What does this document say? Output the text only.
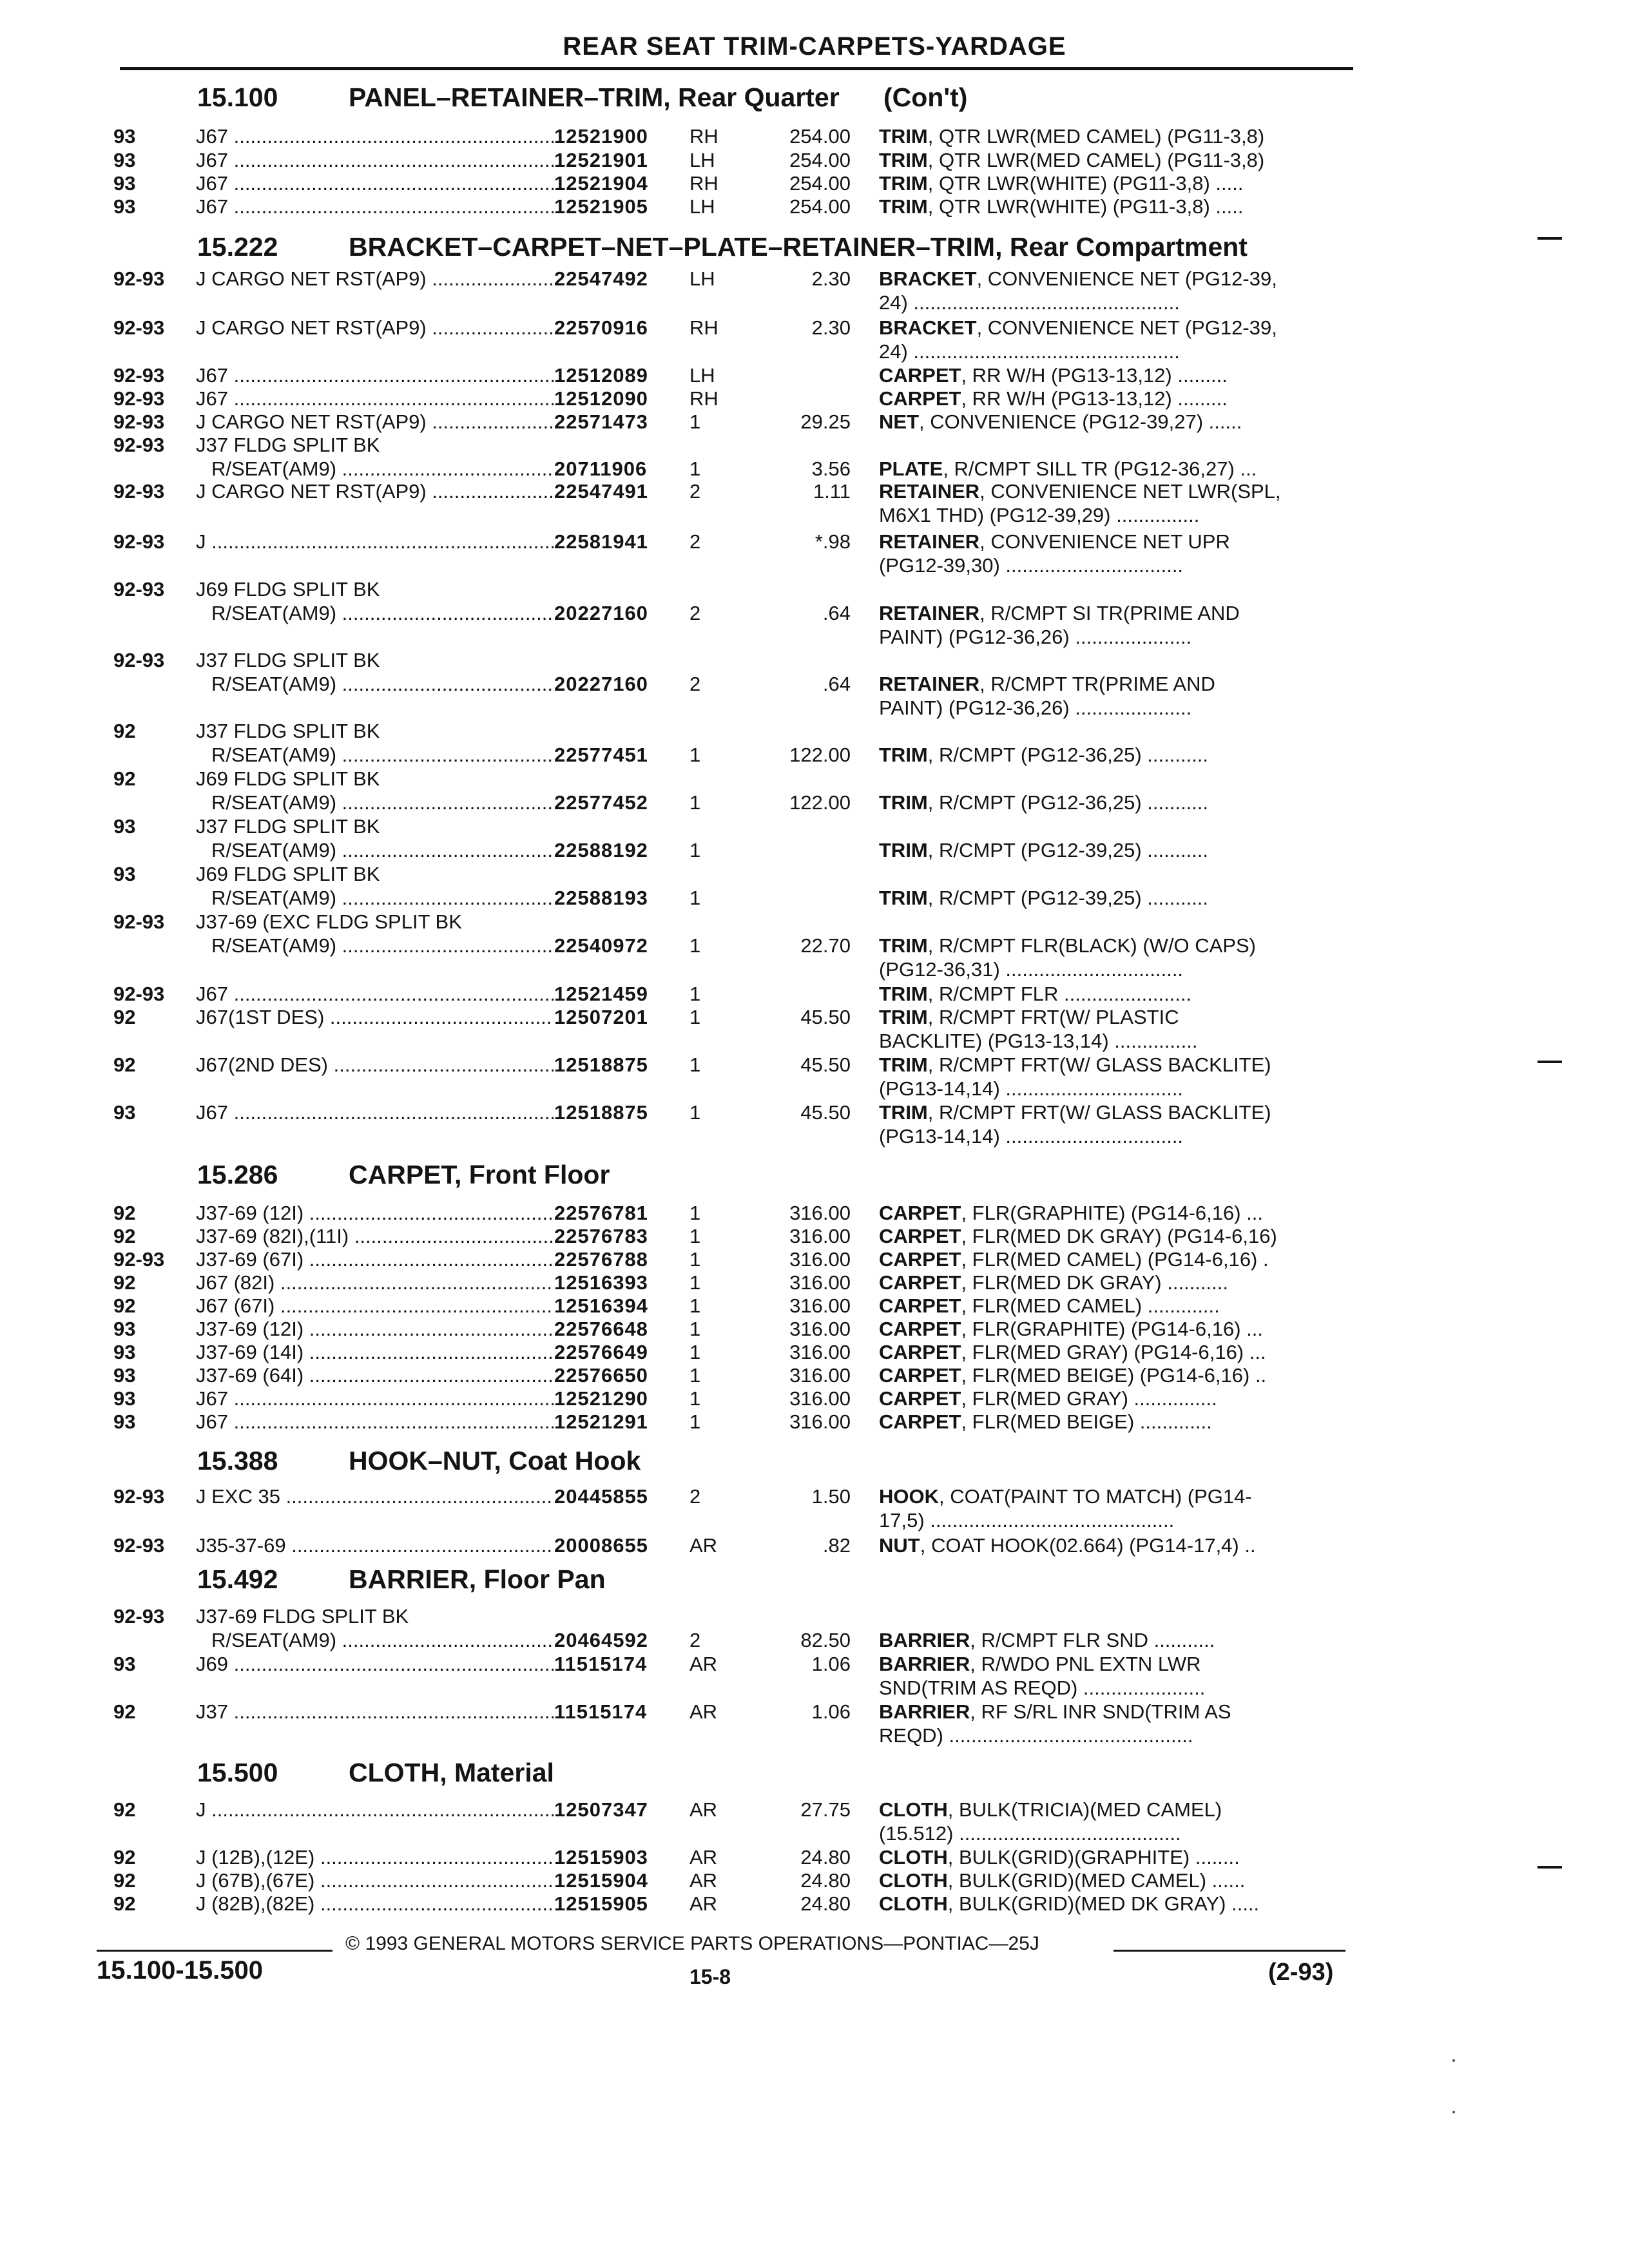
REAR SEAT TRIM-CARPETS-YARDAGE
15.100	PANEL–RETAINER–TRIM, Rear Quarter      (Con't)
93	J67 .....	12521900 RH	254.00 TRIM, QTR LWR(MED CAMEL) (PG11-3,8)
93	J67 .....	12521901 LH	254.00 TRIM, QTR LWR(MED CAMEL) (PG11-3,8)
93	J67 .....	12521904 RH	254.00 TRIM, QTR LWR(WHITE) (PG11-3,8) .....
93	J67 .....	12521905 LH	254.00 TRIM, QTR LWR(WHITE) (PG11-3,8) .....
15.222	BRACKET–CARPET–NET–PLATE–RETAINER–TRIM, Rear Compartment
92-93 J CARGO NET RST(AP9) .....	22547492 LH	2.30 BRACKET, CONVENIENCE NET (PG12-39,
24) ................................................
92-93 J CARGO NET RST(AP9) .....	22570916 RH	2.30 BRACKET, CONVENIENCE NET (PG12-39,
24) ................................................
92-93 J67 .....	12512089 LH	CARPET, RR W/H (PG13-13,12) .........
92-93 J67 .....	12512090 RH	CARPET, RR W/H (PG13-13,12) .........
92-93 J CARGO NET RST(AP9) .....	22571473 1	29.25 NET, CONVENIENCE (PG12-39,27) ......
92-93 J37 FLDG SPLIT BK
R/SEAT(AM9) .....	20711906 1	3.56 PLATE, R/CMPT SILL TR (PG12-36,27) ...
92-93 J CARGO NET RST(AP9) .....	22547491 2	1.11 RETAINER, CONVENIENCE NET LWR(SPL,
M6X1 THD) (PG12-39,29) ...............
92-93 J .....	22581941 2	*.98 RETAINER, CONVENIENCE NET UPR
(PG12-39,30) ................................
92-93 J69 FLDG SPLIT BK
R/SEAT(AM9) .....	20227160 2	.64 RETAINER, R/CMPT SI TR(PRIME AND
PAINT) (PG12-36,26) .....................
92-93 J37 FLDG SPLIT BK
R/SEAT(AM9) .....	20227160 2	.64 RETAINER, R/CMPT TR(PRIME AND
PAINT) (PG12-36,26) .....................
92	J37 FLDG SPLIT BK
R/SEAT(AM9) .....	22577451 1	122.00 TRIM, R/CMPT (PG12-36,25) ...........
92	J69 FLDG SPLIT BK
R/SEAT(AM9) .....	22577452 1	122.00 TRIM, R/CMPT (PG12-36,25) ...........
93	J37 FLDG SPLIT BK
R/SEAT(AM9) .....	22588192 1	TRIM, R/CMPT (PG12-39,25) ...........
93	J69 FLDG SPLIT BK
R/SEAT(AM9) .....	22588193 1	TRIM, R/CMPT (PG12-39,25) ...........
92-93 J37-69 (EXC FLDG SPLIT BK
R/SEAT(AM9) .....	22540972 1	22.70 TRIM, R/CMPT FLR(BLACK) (W/O CAPS)
(PG12-36,31) ................................
92-93 J67 .....	12521459 1	TRIM, R/CMPT FLR .......................
92	J67(1ST DES) .....	12507201 1	45.50 TRIM, R/CMPT FRT(W/ PLASTIC
BACKLITE) (PG13-13,14) ...............
92	J67(2ND DES) .....	12518875 1	45.50 TRIM, R/CMPT FRT(W/ GLASS BACKLITE)
(PG13-14,14) ................................
93	J67 .....	12518875 1	45.50 TRIM, R/CMPT FRT(W/ GLASS BACKLITE)
(PG13-14,14) ................................
15.286	CARPET, Front Floor
92	J37-69 (12I) .....	22576781 1	316.00 CARPET, FLR(GRAPHITE) (PG14-6,16) ...
92	J37-69 (82I),(11I) .....	22576783 1	316.00 CARPET, FLR(MED DK GRAY) (PG14-6,16)
92-93 J37-69 (67I) .....	22576788 1	316.00 CARPET, FLR(MED CAMEL) (PG14-6,16) .
92	J67 (82I) .....	12516393 1	316.00 CARPET, FLR(MED DK GRAY) ...........
92	J67 (67I) .....	12516394 1	316.00 CARPET, FLR(MED CAMEL) .............
93	J37-69 (12I) .....	22576648 1	316.00 CARPET, FLR(GRAPHITE) (PG14-6,16) ...
93	J37-69 (14I) .....	22576649 1	316.00 CARPET, FLR(MED GRAY) (PG14-6,16) ...
93	J37-69 (64I) .....	22576650 1	316.00 CARPET, FLR(MED BEIGE) (PG14-6,16) ..
93	J67 .....	12521290 1	316.00 CARPET, FLR(MED GRAY) ...............
93	J67 .....	12521291 1	316.00 CARPET, FLR(MED BEIGE) .............
15.388	HOOK–NUT, Coat Hook
92-93 J EXC 35 .....	20445855 2	1.50 HOOK, COAT(PAINT TO MATCH) (PG14-
17,5) ............................................
92-93 J35-37-69 .....	20008655 AR	.82 NUT, COAT HOOK(02.664) (PG14-17,4) ..
15.492	BARRIER, Floor Pan
92-93 J37-69 FLDG SPLIT BK
R/SEAT(AM9) .....	20464592 2	82.50 BARRIER, R/CMPT FLR SND ...........
93	J69 .....	11515174 AR	1.06 BARRIER, R/WDO PNL EXTN LWR
SND(TRIM AS REQD) ......................
92	J37 .....	11515174 AR	1.06 BARRIER, RF S/RL INR SND(TRIM AS
REQD) ............................................
15.500	CLOTH, Material
92	J .....	12507347 AR	27.75 CLOTH, BULK(TRICIA)(MED CAMEL)
(15.512) ........................................
92	J (12B),(12E) .....	12515903 AR	24.80 CLOTH, BULK(GRID)(GRAPHITE) ........
92	J (67B),(67E) .....	12515904 AR	24.80 CLOTH, BULK(GRID)(MED CAMEL) ......
92	J (82B),(82E) .....	12515905 AR	24.80 CLOTH, BULK(GRID)(MED DK GRAY) .....
© 1993 GENERAL MOTORS SERVICE PARTS OPERATIONS—PONTIAC—25J
15.100-15.500	15-8	(2-93)
